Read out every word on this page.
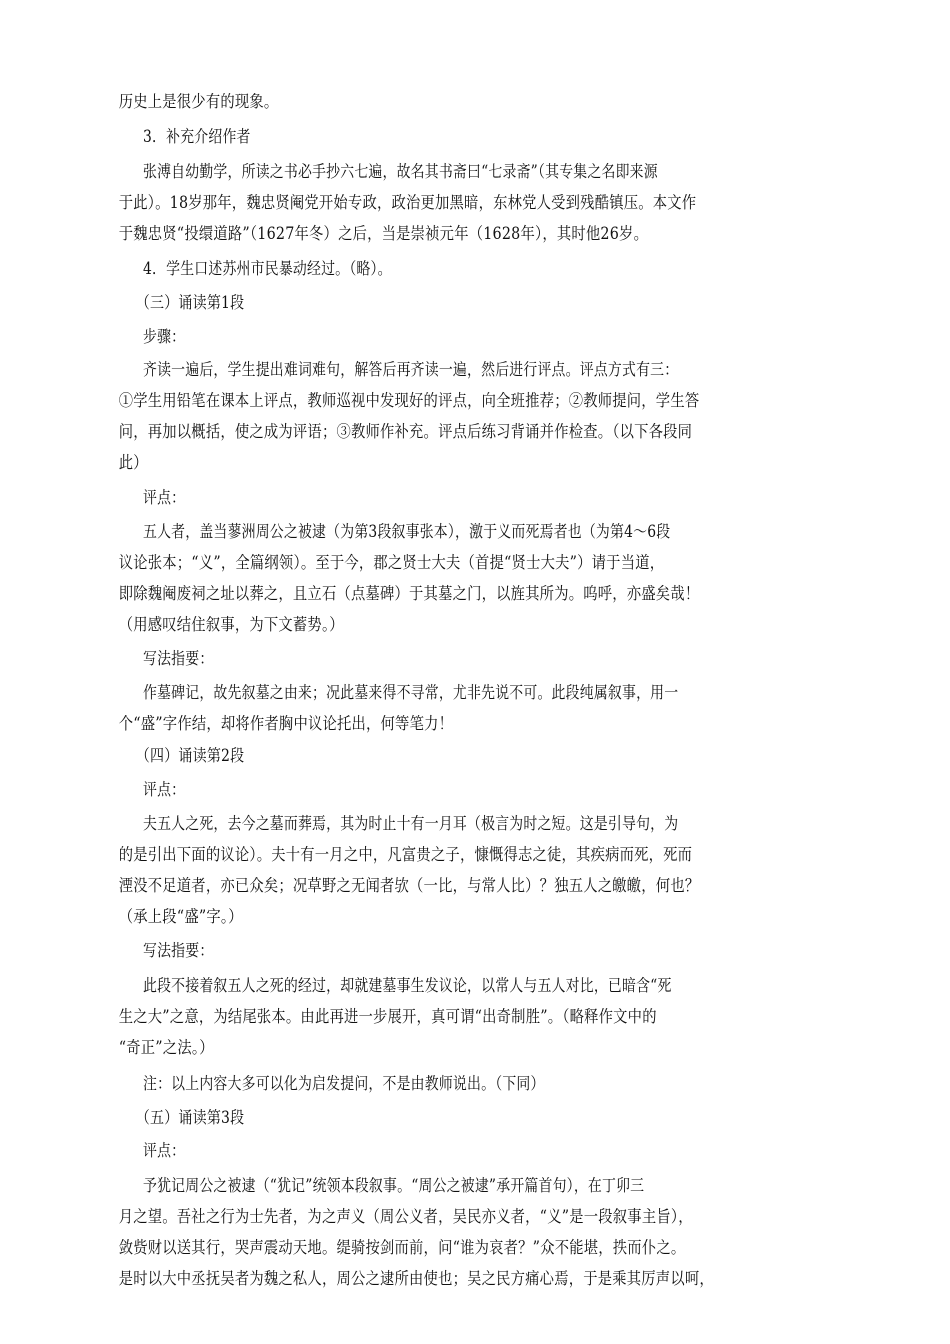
历史上是很少有的现象。
3．补充介绍作者
张溥自幼勤学，所读之书必手抄六七遍，故名其书斋曰“七录斋”（其专集之名即来源
于此）。18岁那年，魏忠贤阉党开始专政，政治更加黑暗，东林党人受到残酷镇压。本文作
于魏忠贤“投缳道路”（1627年冬）之后，当是崇祯元年（1628年），其时他26岁。
4．学生口述苏州市民暴动经过。（略）。
（三）诵读第1段
步骤：
齐读一遍后，学生提出难词难句，解答后再齐读一遍，然后进行评点。评点方式有三：
①学生用铅笔在课本上评点，教师巡视中发现好的评点，向全班推荐；②教师提问，学生答
问，再加以概括，使之成为评语；③教师作补充。评点后练习背诵并作检查。（以下各段同
此）
评点：
五人者，盖当蓼洲周公之被逮（为第3段叙事张本），激于义而死焉者也（为第4～6段
议论张本；“义”，全篇纲领）。至于今，郡之贤士大夫（首提“贤士大夫”）请于当道，
即除魏阉废祠之址以葬之，且立石（点墓碑）于其墓之门，以旌其所为。呜呼，亦盛矣哉！
（用感叹结住叙事，为下文蓄势。）
写法指要：
作墓碑记，故先叙墓之由来；况此墓来得不寻常，尤非先说不可。此段纯属叙事，用一
个“盛”字作结，却将作者胸中议论托出，何等笔力！
（四）诵读第2段
评点：
夫五人之死，去今之墓而葬焉，其为时止十有一月耳（极言为时之短。这是引导句，为
的是引出下面的议论）。夫十有一月之中，凡富贵之子，慷慨得志之徒，其疾病而死，死而
湮没不足道者，亦已众矣；况草野之无闻者欤（一比，与常人比）？独五人之皦皦，何也？
（承上段“盛”字。）
写法指要：
此段不接着叙五人之死的经过，却就建墓事生发议论，以常人与五人对比，已暗含“死
生之大”之意，为结尾张本。由此再进一步展开，真可谓“出奇制胜”。（略释作文中的
“奇正”之法。）
注：以上内容大多可以化为启发提问，不是由教师说出。（下同）
（五）诵读第3段
评点：
予犹记周公之被逮（“犹记”统领本段叙事。“周公之被逮”承开篇首句），在丁卯三
月之望。吾社之行为士先者，为之声义（周公义者，吴民亦义者，“义”是一段叙事主旨），
敛赀财以送其行，哭声震动天地。缇骑按剑而前，问“谁为哀者？”众不能堪，抶而仆之。
是时以大中丞抚吴者为魏之私人，周公之逮所由使也；吴之民方痛心焉，于是乘其厉声以呵，
